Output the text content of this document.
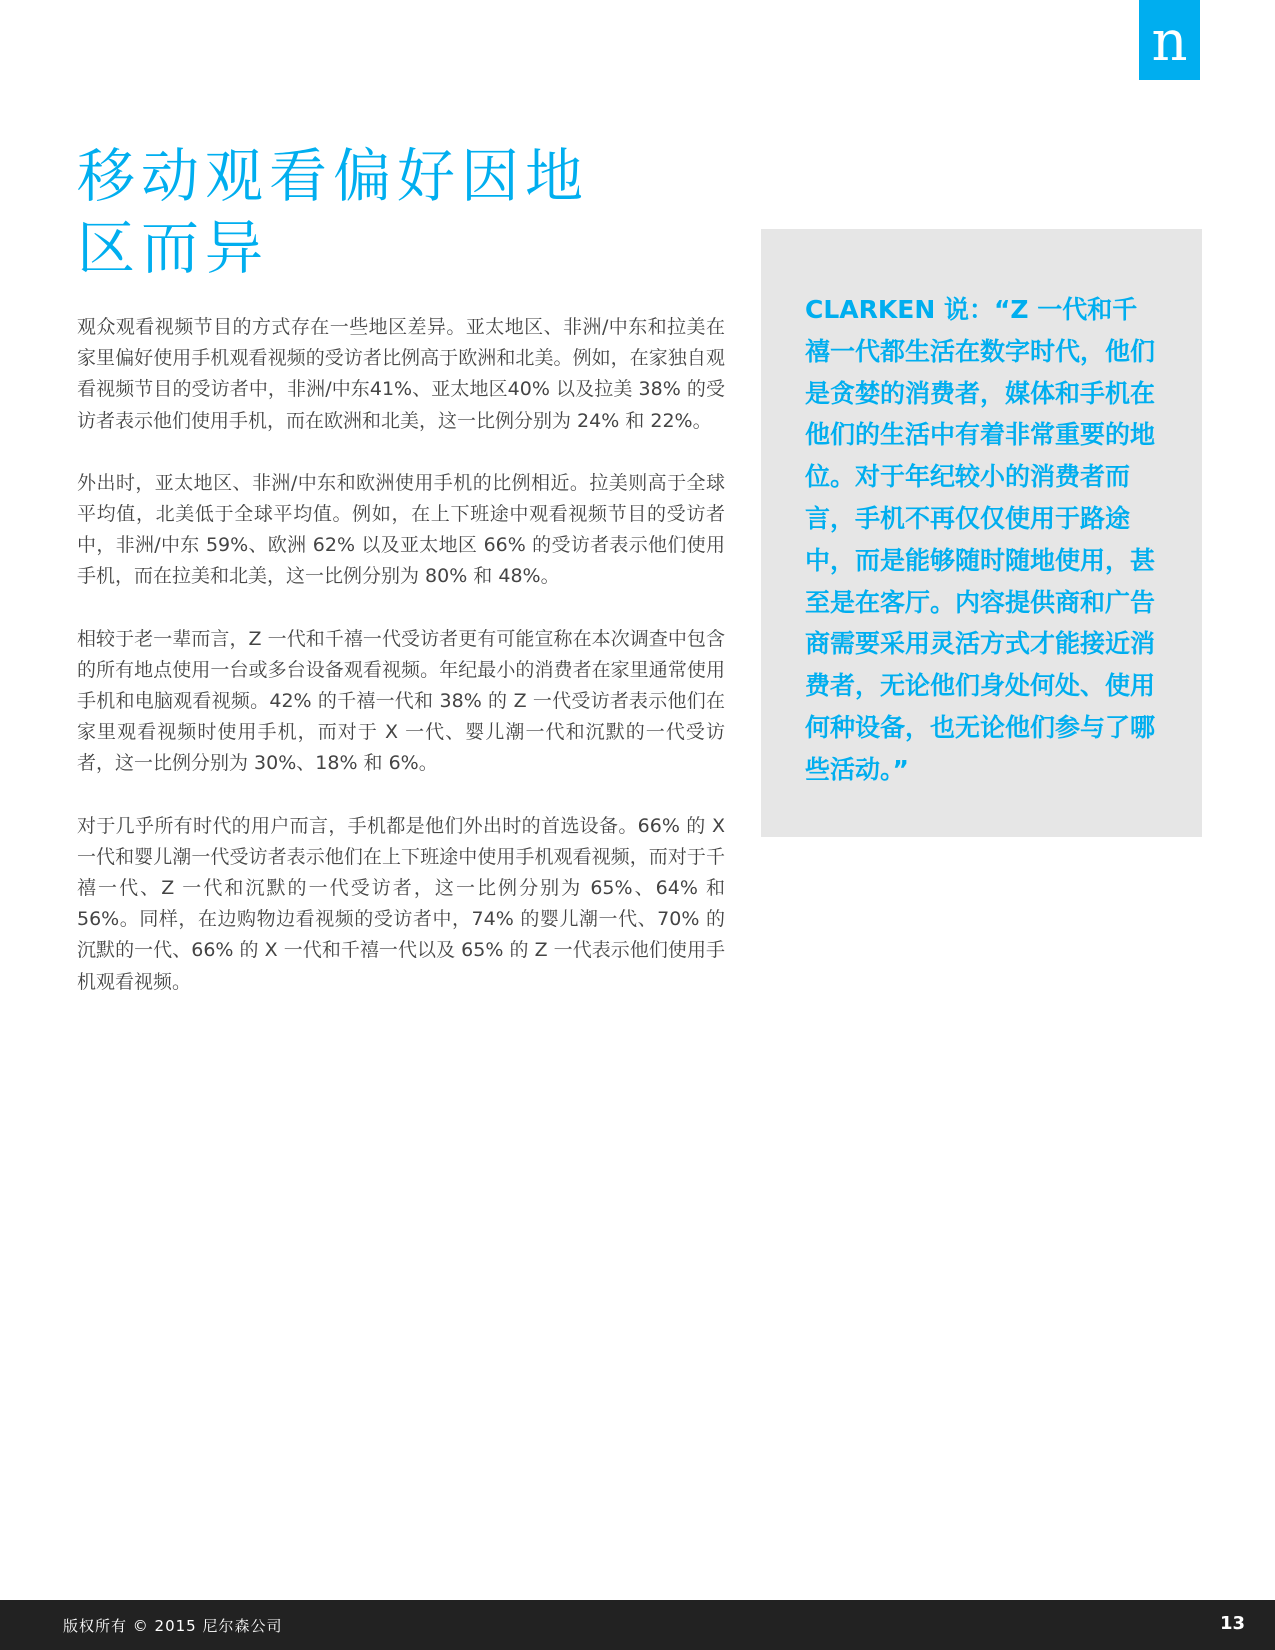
n
移动观看偏好因地区而异

观众观看视频节目的方式存在一些地区差异。亚太地区、非洲/中东和拉美在家里偏好使用手机观看视频的受访者比例高于欧洲和北美。例如，在家独自观看视频节目的受访者中，非洲/中东41%、亚太地区40% 以及拉美 38% 的受访者表示他们使用手机，而在欧洲和北美，这一比例分别为 24% 和 22%。

外出时，亚太地区、非洲/中东和欧洲使用手机的比例相近。拉美则高于全球平均值，北美低于全球平均值。例如，在上下班途中观看视频节目的受访者中，非洲/中东 59%、欧洲 62% 以及亚太地区 66% 的受访者表示他们使用手机，而在拉美和北美，这一比例分别为 80% 和 48%。

相较于老一辈而言，Z 一代和千禧一代受访者更有可能宣称在本次调查中包含的所有地点使用一台或多台设备观看视频。年纪最小的消费者在家里通常使用手机和电脑观看视频。42% 的千禧一代和 38% 的 Z 一代受访者表示他们在家里观看视频时使用手机，而对于 X 一代、婴儿潮一代和沉默的一代受访者，这一比例分别为 30%、18% 和 6%。

对于几乎所有时代的用户而言，手机都是他们外出时的首选设备。66% 的 X 一代和婴儿潮一代受访者表示他们在上下班途中使用手机观看视频，而对于千禧一代、Z 一代和沉默的一代受访者，这一比例分别为 65%、64% 和 56%。同样，在边购物边看视频的受访者中，74% 的婴儿潮一代、70% 的沉默的一代、66% 的 X 一代和千禧一代以及 65% 的 Z 一代表示他们使用手机观看视频。

CLARKEN 说：“Z 一代和千禧一代都生活在数字时代，他们是贪婪的消费者，媒体和手机在他们的生活中有着非常重要的地位。对于年纪较小的消费者而言，手机不再仅仅使用于路途中，而是能够随时随地使用，甚至是在客厅。内容提供商和广告商需要采用灵活方式才能接近消费者，无论他们身处何处、使用何种设备，也无论他们参与了哪些活动。”

版权所有 © 2015 尼尔森公司	13
